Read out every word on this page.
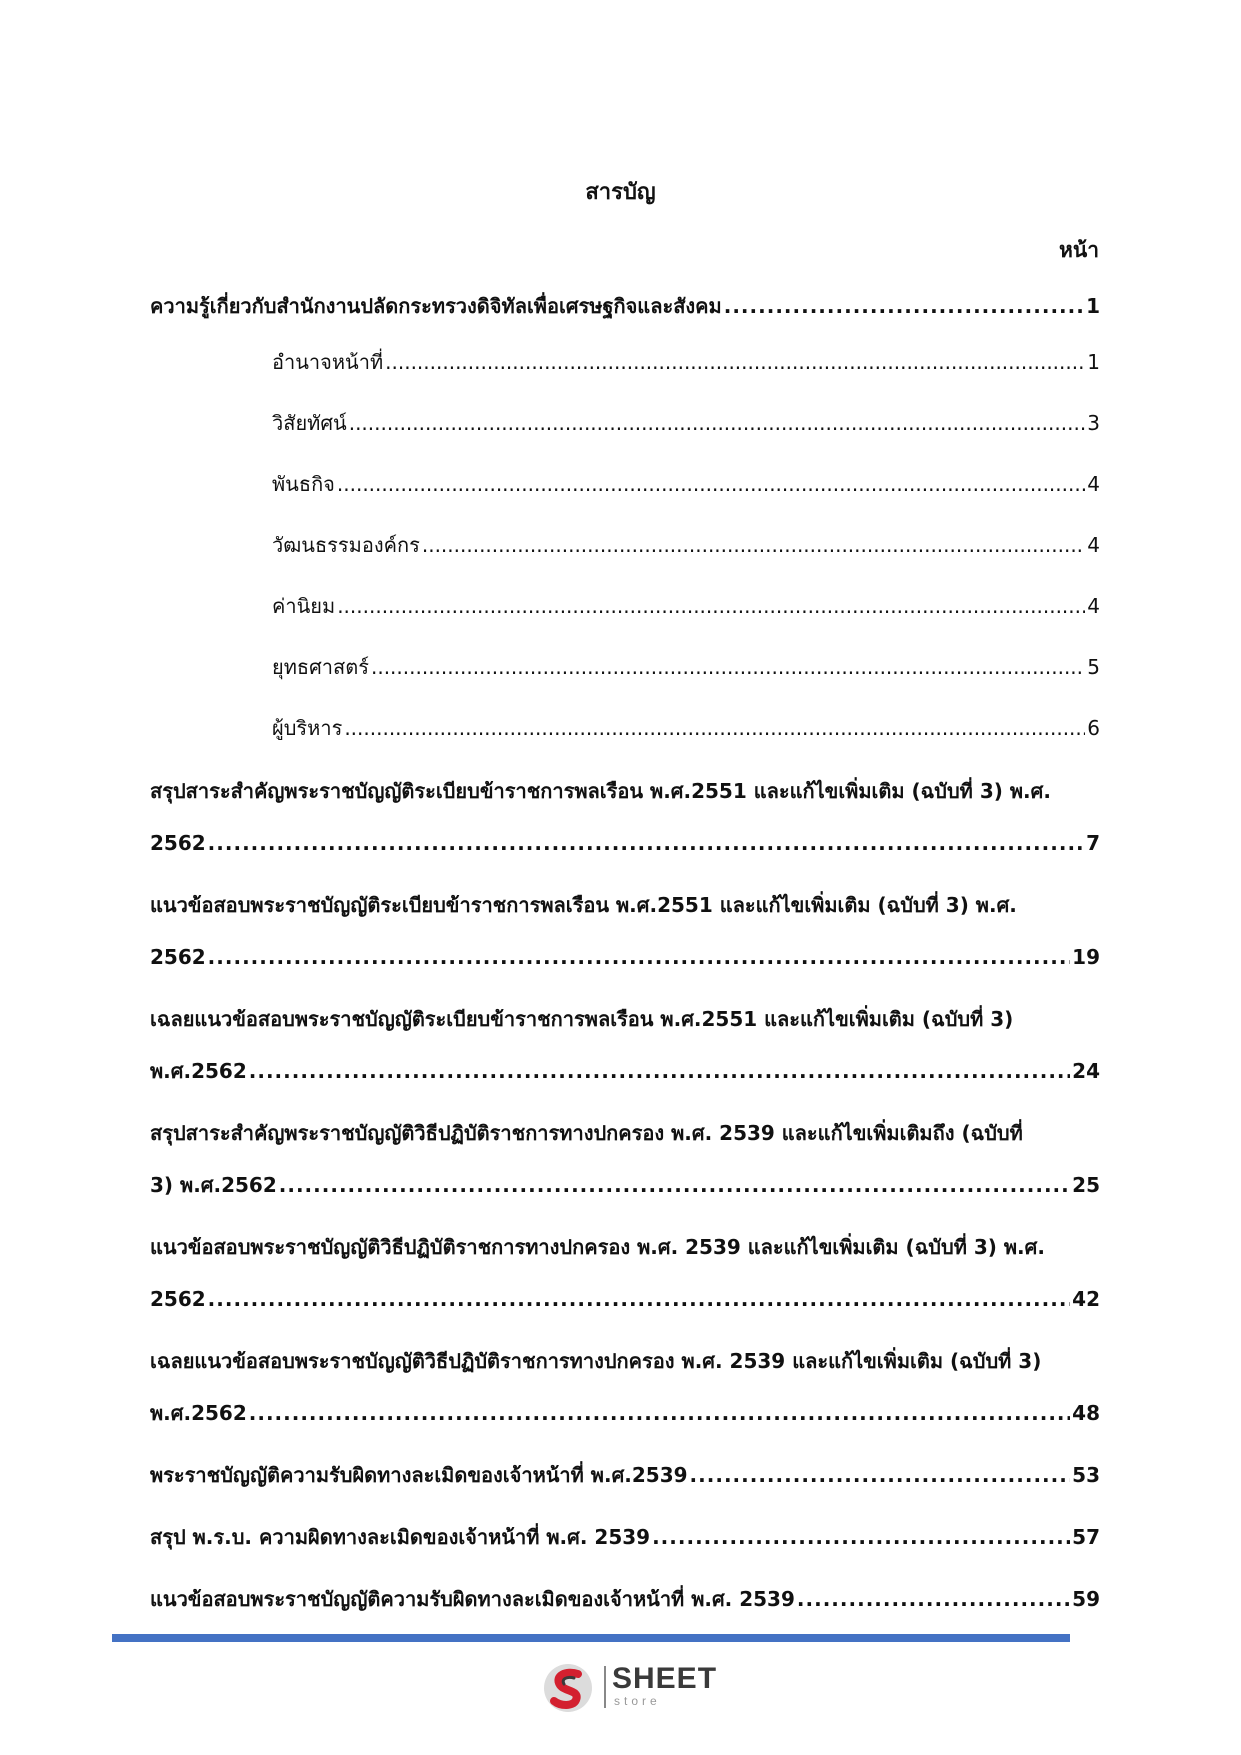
สารบัญ
หน้า
ความรู้เกี่ยวกับสำนักงานปลัดกระทรวงดิจิทัลเพื่อเศรษฐกิจและสังคม .....	1
อำนาจหน้าที่ .....	1
วิสัยทัศน์ .....	3
พันธกิจ .....	4
วัฒนธรรมองค์กร .....	4
ค่านิยม .....	4
ยุทธศาสตร์ .....	5
ผู้บริหาร .....	6
สรุปสาระสำคัญพระราชบัญญัติระเบียบข้าราชการพลเรือน พ.ศ.2551 และแก้ไขเพิ่มเติม (ฉบับที่ 3) พ.ศ.
2562 .....	7
แนวข้อสอบพระราชบัญญัติระเบียบข้าราชการพลเรือน พ.ศ.2551 และแก้ไขเพิ่มเติม (ฉบับที่ 3) พ.ศ.
2562 .....	19
เฉลยแนวข้อสอบพระราชบัญญัติระเบียบข้าราชการพลเรือน พ.ศ.2551 และแก้ไขเพิ่มเติม (ฉบับที่ 3)
พ.ศ.2562 .....	24
สรุปสาระสำคัญพระราชบัญญัติวิธีปฏิบัติราชการทางปกครอง พ.ศ. 2539 และแก้ไขเพิ่มเติมถึง (ฉบับที่
3) พ.ศ.2562 .....	25
แนวข้อสอบพระราชบัญญัติวิธีปฏิบัติราชการทางปกครอง พ.ศ. 2539 และแก้ไขเพิ่มเติม (ฉบับที่ 3) พ.ศ.
2562 .....	42
เฉลยแนวข้อสอบพระราชบัญญัติวิธีปฏิบัติราชการทางปกครอง พ.ศ. 2539 และแก้ไขเพิ่มเติม (ฉบับที่ 3)
พ.ศ.2562 .....	48
พระราชบัญญัติความรับผิดทางละเมิดของเจ้าหน้าที่ พ.ศ.2539 .....	53
สรุป พ.ร.บ. ความผิดทางละเมิดของเจ้าหน้าที่ พ.ศ. 2539 .....	57
แนวข้อสอบพระราชบัญญัติความรับผิดทางละเมิดของเจ้าหน้าที่ พ.ศ. 2539 .....	59
SHEET
store
